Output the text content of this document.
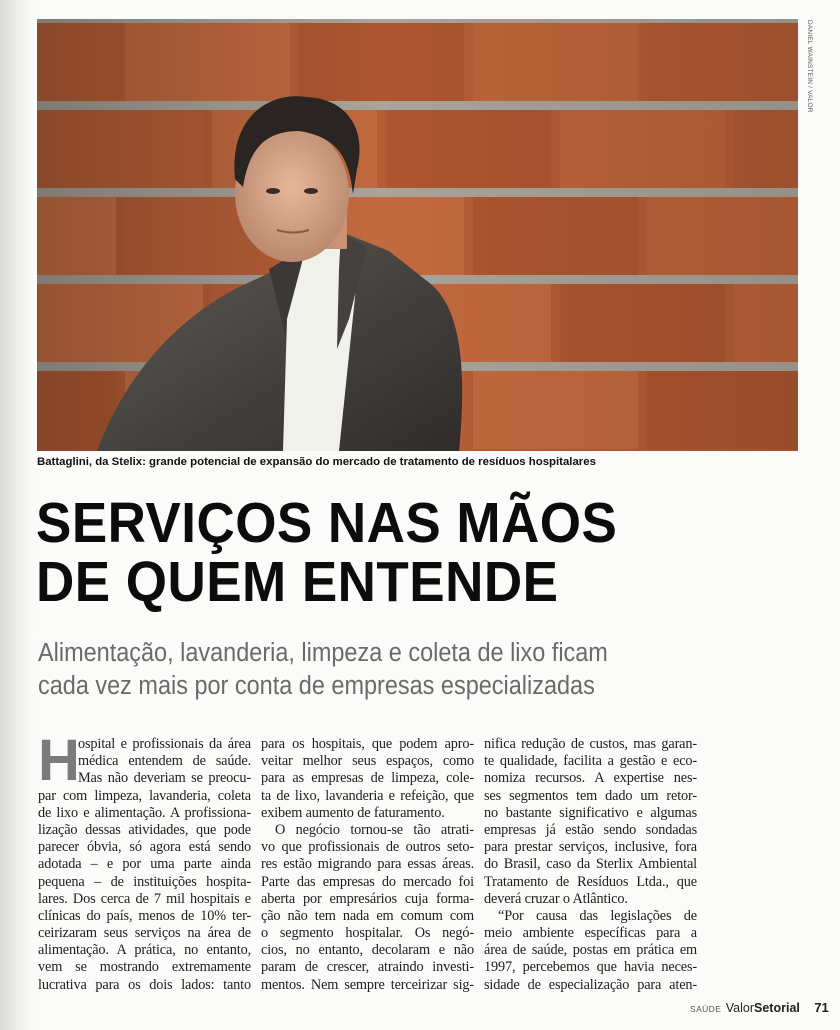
DANIEL WAINSTEIN / VALOR
Battaglini, da Stelix: grande potencial de expansão do mercado de tratamento de resíduos hospitalares
SERVIÇOS NAS MÃOS
DE QUEM ENTENDE
Alimentação, lavanderia, limpeza e coleta de lixo ficam
cada vez mais por conta de empresas especializadas
H
ospital e profissionais da área
médica entendem de saúde.
Mas não deveriam se preocu-
par com limpeza, lavanderia, coleta
de lixo e alimentação. A profissiona-
lização dessas atividades, que pode
parecer óbvia, só agora está sendo
adotada – e por uma parte ainda
pequena – de instituições hospita-
lares. Dos cerca de 7 mil hospitais e
clínicas do país, menos de 10% ter-
ceirizaram seus serviços na área de
alimentação. A prática, no entanto,
vem se mostrando extremamente
lucrativa para os dois lados: tanto
para os hospitais, que podem apro-
veitar melhor seus espaços, como
para as empresas de limpeza, cole-
ta de lixo, lavanderia e refeição, que
exibem aumento de faturamento.
O negócio tornou-se tão atrati-
vo que profissionais de outros seto-
res estão migrando para essas áreas.
Parte das empresas do mercado foi
aberta por empresários cuja forma-
ção não tem nada em comum com
o segmento hospitalar. Os negó-
cios, no entanto, decolaram e não
param de crescer, atraindo investi-
mentos. Nem sempre terceirizar sig-
nifica redução de custos, mas garan-
te qualidade, facilita a gestão e eco-
nomiza recursos. A expertise nes-
ses segmentos tem dado um retor-
no bastante significativo e algumas
empresas já estão sendo sondadas
para prestar serviços, inclusive, fora
do Brasil, caso da Sterlix Ambiental
Tratamento de Resíduos Ltda., que
deverá cruzar o Atlântico.
“Por causa das legislações de
meio ambiente específicas para a
área de saúde, postas em prática em
1997, percebemos que havia neces-
sidade de especialização para aten-
SAÚDE ValorSetorial 71
